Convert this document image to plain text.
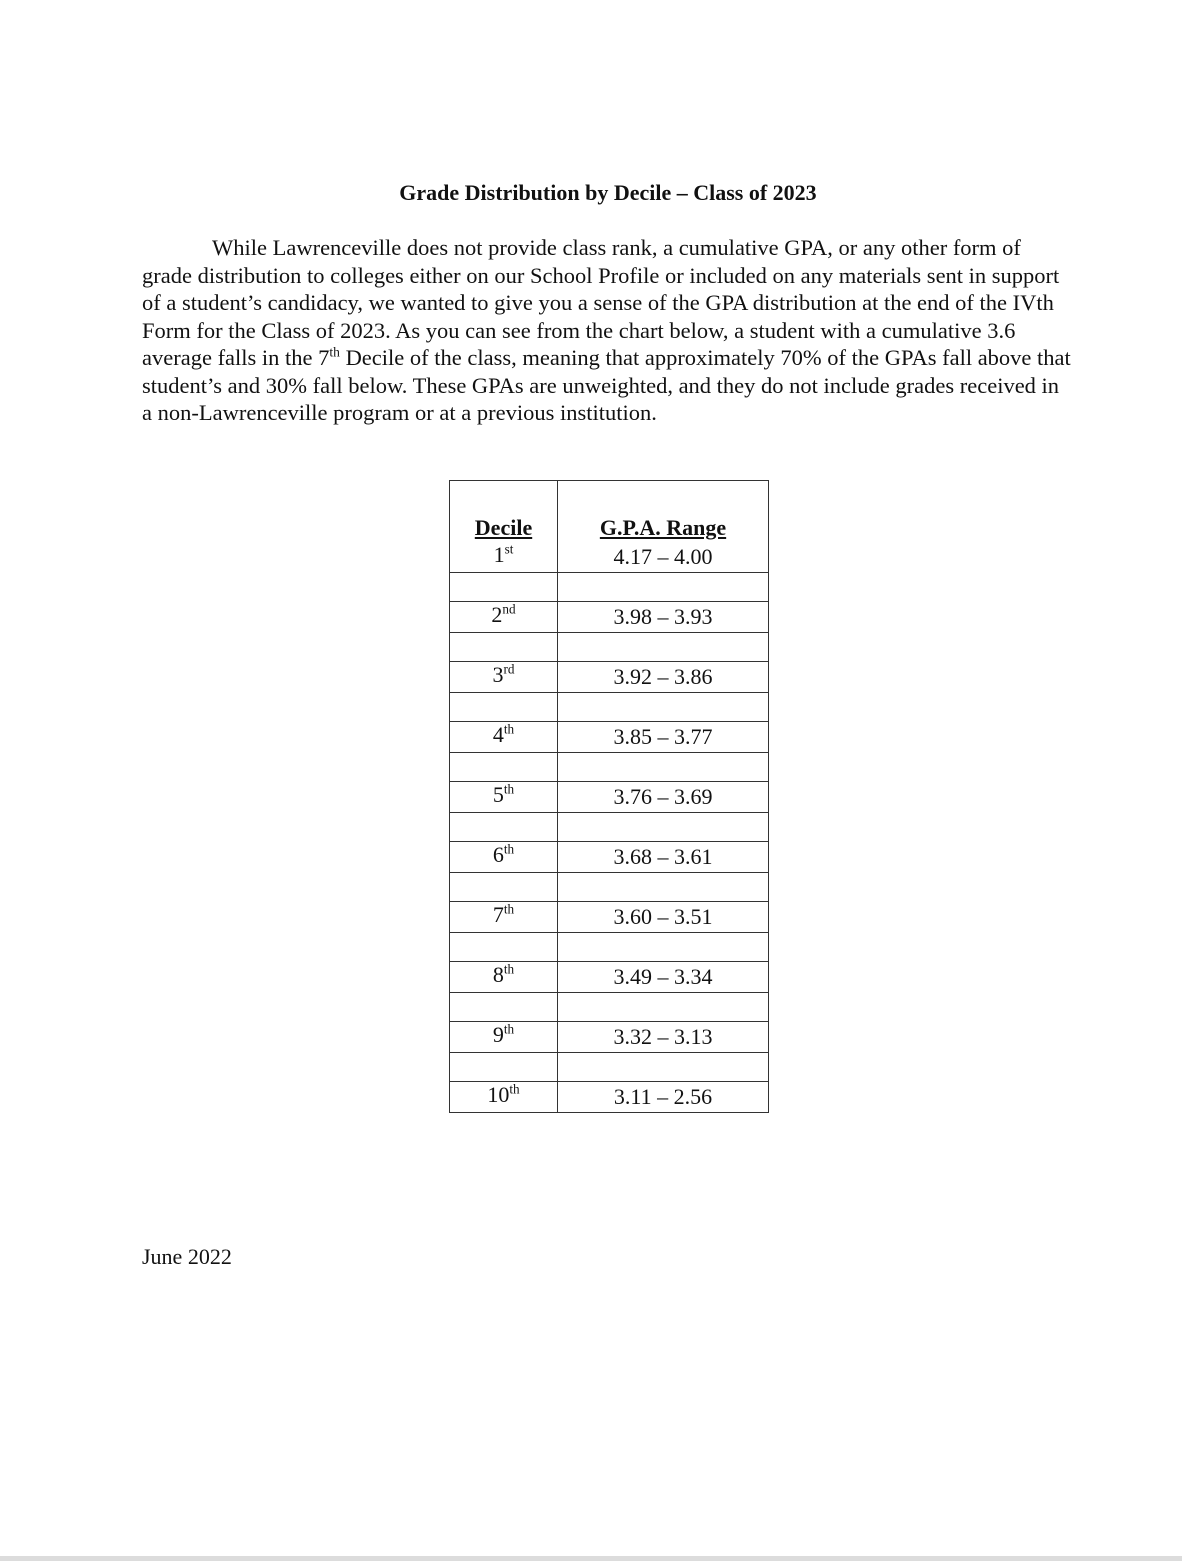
Grade Distribution by Decile – Class of 2023

While Lawrenceville does not provide class rank, a cumulative GPA, or any other form of grade distribution to colleges either on our School Profile or included on any materials sent in support of a student’s candidacy, we wanted to give you a sense of the GPA distribution at the end of the IVth Form for the Class of 2023. As you can see from the chart below, a student with a cumulative 3.6 average falls in the 7th Decile of the class, meaning that approximately 70% of the GPAs fall above that student’s and 30% fall below. These GPAs are unweighted, and they do not include grades received in a non-Lawrenceville program or at a previous institution.

Decile	G.P.A. Range
1st	4.17 – 4.00

2nd	3.98 – 3.93

3rd	3.92 – 3.86

4th	3.85 – 3.77

5th	3.76 – 3.69

6th	3.68 – 3.61

7th	3.60 – 3.51

8th	3.49 – 3.34

9th	3.32 – 3.13

10th	3.11 – 2.56
June 2022
